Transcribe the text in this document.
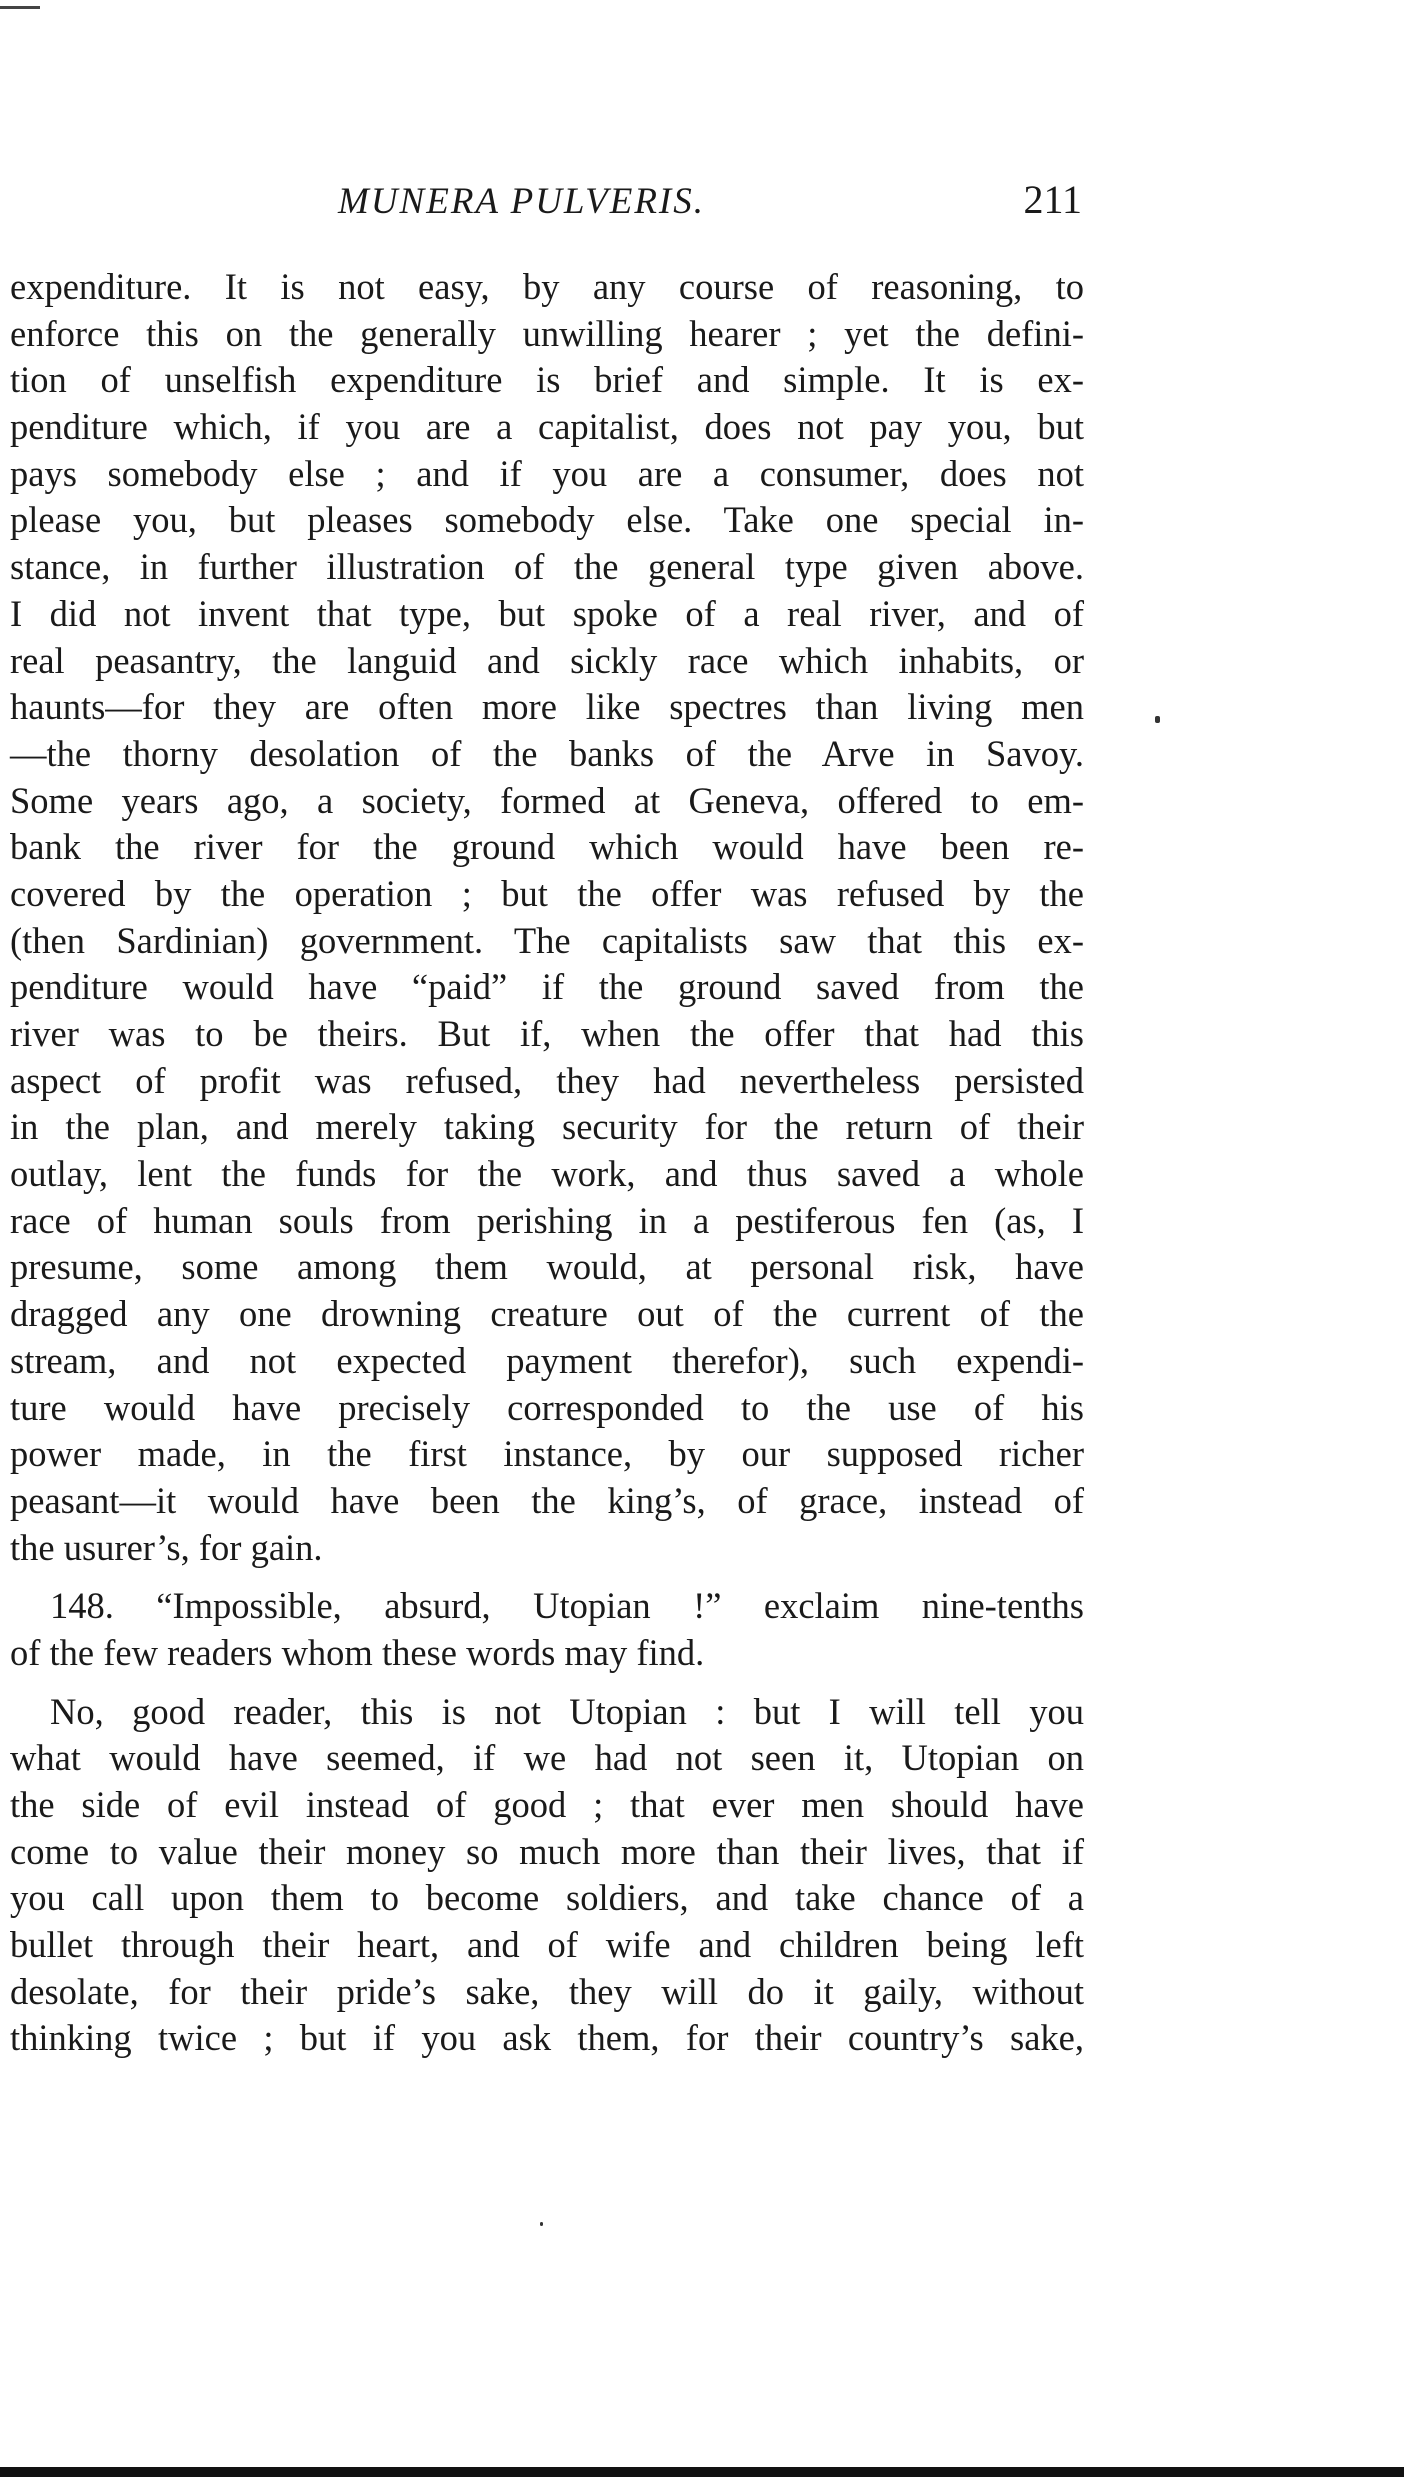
MUNERA PULVERIS.	211
expenditure. It is not easy, by any course of reasoning, to
enforce this on the generally unwilling hearer ; yet the defini-
tion of unselfish expenditure is brief and simple. It is ex-
penditure which, if you are a capitalist, does not pay you, but
pays somebody else ; and if you are a consumer, does not
please you, but pleases somebody else. Take one special in-
stance, in further illustration of the general type given above.
I did not invent that type, but spoke of a real river, and of
real peasantry, the languid and sickly race which inhabits, or
haunts—for they are often more like spectres than living men
—the thorny desolation of the banks of the Arve in Savoy.
Some years ago, a society, formed at Geneva, offered to em-
bank the river for the ground which would have been re-
covered by the operation ; but the offer was refused by the
(then Sardinian) government. The capitalists saw that this ex-
penditure would have “paid” if the ground saved from the
river was to be theirs. But if, when the offer that had this
aspect of profit was refused, they had nevertheless persisted
in the plan, and merely taking security for the return of their
outlay, lent the funds for the work, and thus saved a whole
race of human souls from perishing in a pestiferous fen (as, I
presume, some among them would, at personal risk, have
dragged any one drowning creature out of the current of the
stream, and not expected payment therefor), such expendi-
ture would have precisely corresponded to the use of his
power made, in the first instance, by our supposed richer
peasant—it would have been the king’s, of grace, instead of
the usurer’s, for gain.
148. “Impossible, absurd, Utopian !” exclaim nine-tenths
of the few readers whom these words may find.
No, good reader, this is not Utopian : but I will tell you
what would have seemed, if we had not seen it, Utopian on
the side of evil instead of good ; that ever men should have
come to value their money so much more than their lives, that if
you call upon them to become soldiers, and take chance of a
bullet through their heart, and of wife and children being left
desolate, for their pride’s sake, they will do it gaily, without
thinking twice ; but if you ask them, for their country’s sake,
